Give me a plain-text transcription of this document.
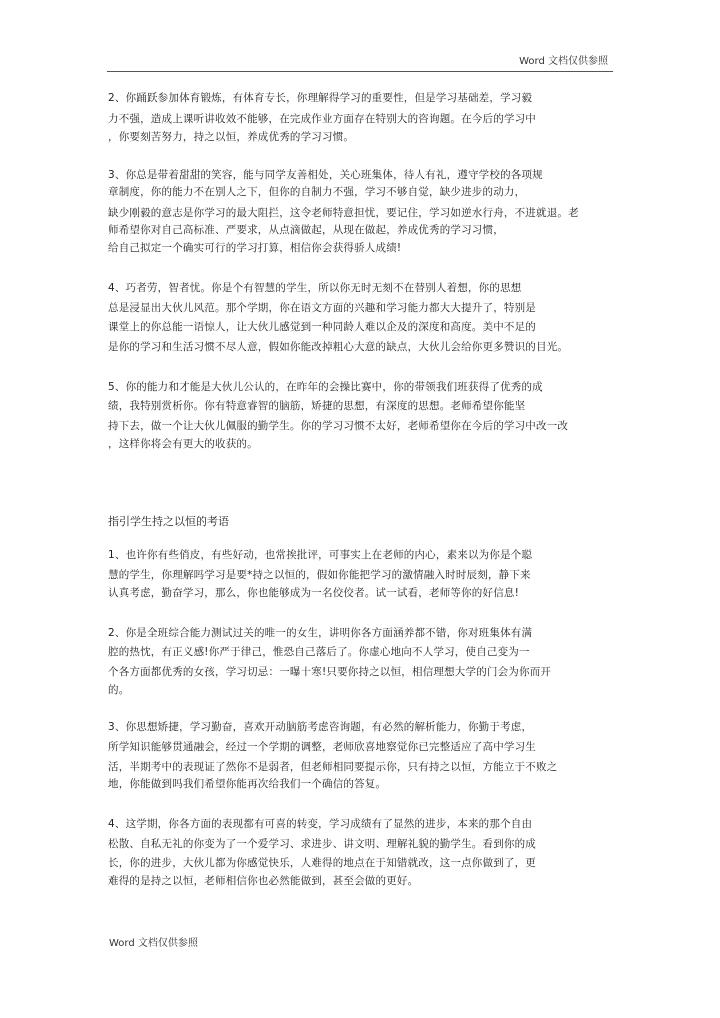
Word 文档仅供参照
2、你踊跃参加体育锻炼，有体育专长，你理解得学习的重要性，但是学习基础差，学习毅
力不强，造成上课听讲收效不能够，在完成作业方面存在特别大的咨询题。在今后的学习中
，你要刻苦努力，持之以恒，养成优秀的学习习惯。
3、你总是带着甜甜的笑容，能与同学友善相处，关心班集体，待人有礼，遵守学校的各项规
章制度，你的能力不在别人之下，但你的自制力不强，学习不够自觉，缺少进步的动力，
缺少刚毅的意志是你学习的最大阻拦，这令老师特意担忧，要记住，学习如逆水行舟，不进就退。老
师希望你对自己高标准、严要求，从点滴做起，从现在做起，养成优秀的学习习惯，
给自己拟定一个确实可行的学习打算，相信你会获得骄人成绩!
4、巧者劳，智者忧。你是个有智慧的学生，所以你无时无刻不在替别人着想，你的思想
总是浸显出大伙儿风范。那个学期，你在语文方面的兴趣和学习能力都大大提升了，特别是
课堂上的你总能一语惊人，让大伙儿感觉到一种同龄人难以企及的深度和高度。美中不足的
是你的学习和生活习惯不尽人意，假如你能改掉粗心大意的缺点，大伙儿会给你更多赞识的目光。
5、你的能力和才能是大伙儿公认的，在昨年的会操比赛中，你的带领我们班获得了优秀的成
绩，我特别赏析你。你有特意睿智的脑筋，矫捷的思想，有深度的思想。老师希望你能坚
持下去，做一个让大伙儿佩服的勤学生。你的学习习惯不太好，老师希望你在今后的学习中改一改
，这样你将会有更大的收获的。
指引学生持之以恒的考语
1、也许你有些俏皮，有些好动，也常挨批评，可事实上在老师的内心，素来以为你是个聪
慧的学生，你理解吗学习是要*持之以恒的，假如你能把学习的激情融入时时辰刻，静下来
认真考虑，勤奋学习，那么，你也能够成为一名佼佼者。试一试看，老师等你的好信息!
2、你是全班综合能力测试过关的唯一的女生，讲明你各方面涵养都不错，你对班集体有满
腔的热忱，有正义感!你严于律己，惟恐自己落后了。你虚心地向不人学习，使自己变为一
个各方面都优秀的女孩，学习切忌：一曝十寒!只要你持之以恒，相信理想大学的门会为你而开
的。
3、你思想矫捷，学习勤奋，喜欢开动脑筋考虑咨询题，有必然的解析能力，你勤于考虑，
所学知识能够贯通融会，经过一个学期的调整，老师欣喜地察觉你已完整适应了高中学习生
活，半期考中的表现证了然你不是弱者，但老师相同要提示你，只有持之以恒，方能立于不败之
地，你能做到吗我们希望你能再次给我们一个确信的答复。
4、这学期，你各方面的表现都有可喜的转变，学习成绩有了显然的进步，本来的那个自由
松散、自私无礼的你变为了一个爱学习、求进步、讲文明、理解礼貌的勤学生。看到你的成
长，你的进步，大伙儿都为你感觉快乐，人难得的地点在于知错就改，这一点你做到了，更
难得的是持之以恒，老师相信你也必然能做到，甚至会做的更好。
Word 文档仅供参照
